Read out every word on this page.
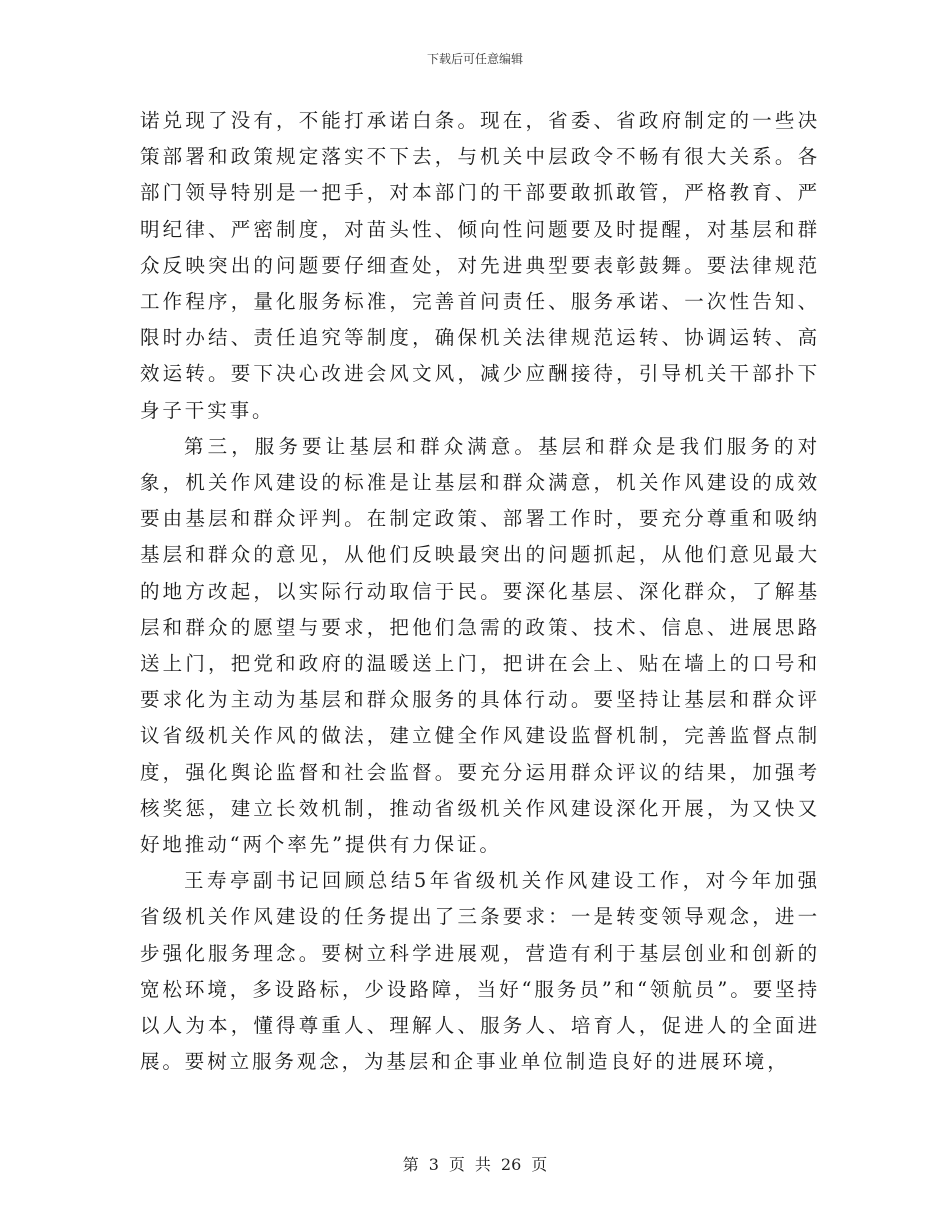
下载后可任意编辑

诺兑现了没有，不能打承诺白条。现在，省委、省政府制定的一些决策部署和政策规定落实不下去，与机关中层政令不畅有很大关系。各部门领导特别是一把手，对本部门的干部要敢抓敢管，严格教育、严明纪律、严密制度，对苗头性、倾向性问题要及时提醒，对基层和群众反映突出的问题要仔细查处，对先进典型要表彰鼓舞。要法律规范工作程序，量化服务标准，完善首问责任、服务承诺、一次性告知、限时办结、责任追究等制度，确保机关法律规范运转、协调运转、高效运转。要下决心改进会风文风，减少应酬接待，引导机关干部扑下身子干实事。

第三，服务要让基层和群众满意。基层和群众是我们服务的对象，机关作风建设的标准是让基层和群众满意，机关作风建设的成效要由基层和群众评判。在制定政策、部署工作时，要充分尊重和吸纳基层和群众的意见，从他们反映最突出的问题抓起，从他们意见最大的地方改起，以实际行动取信于民。要深化基层、深化群众，了解基层和群众的愿望与要求，把他们急需的政策、技术、信息、进展思路送上门，把党和政府的温暖送上门，把讲在会上、贴在墙上的口号和要求化为主动为基层和群众服务的具体行动。要坚持让基层和群众评议省级机关作风的做法，建立健全作风建设监督机制，完善监督点制度，强化舆论监督和社会监督。要充分运用群众评议的结果，加强考核奖惩，建立长效机制，推动省级机关作风建设深化开展，为又快又好地推动“两个率先”提供有力保证。

王寿亭副书记回顾总结5年省级机关作风建设工作，对今年加强省级机关作风建设的任务提出了三条要求：一是转变领导观念，进一步强化服务理念。要树立科学进展观，营造有利于基层创业和创新的宽松环境，多设路标，少设路障，当好“服务员”和“领航员”。要坚持以人为本，懂得尊重人、理解人、服务人、培育人，促进人的全面进展。要树立服务观念，为基层和企事业单位制造良好的进展环境，

第 3 页 共 26 页
